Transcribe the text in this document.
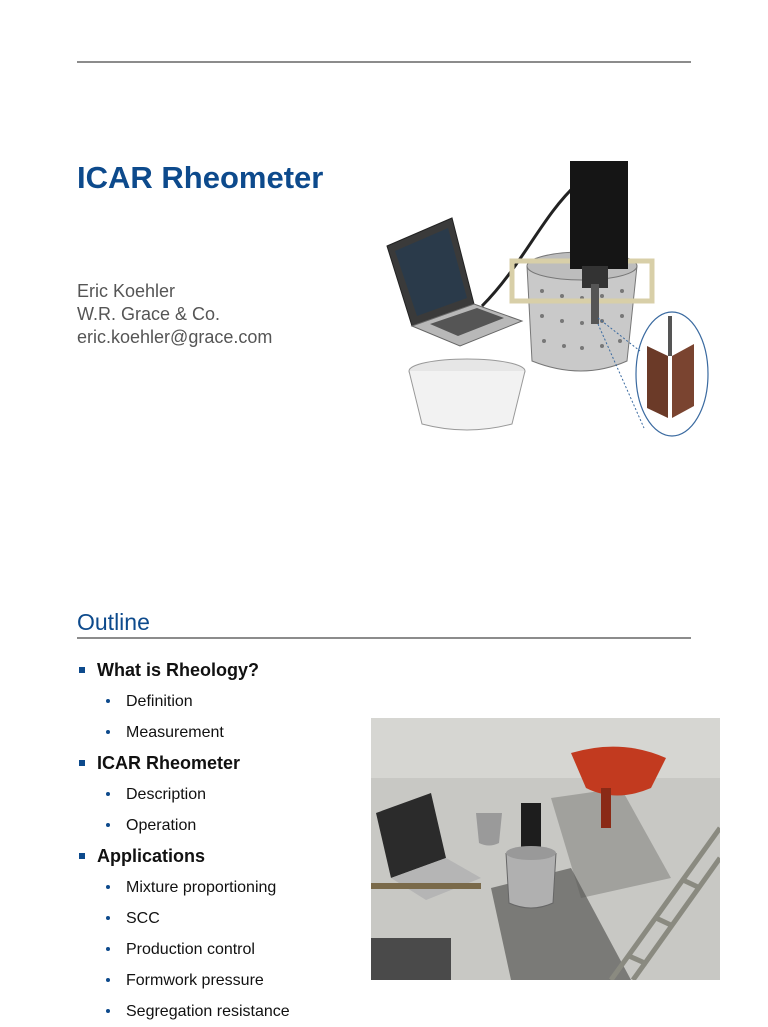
ICAR Rheometer
Eric Koehler
W.R. Grace & Co.
eric.koehler@grace.com
Outline
What is Rheology?
Definition
Measurement
ICAR Rheometer
Description
Operation
Applications
Mixture proportioning
SCC
Production control
Formwork pressure
Segregation resistance
